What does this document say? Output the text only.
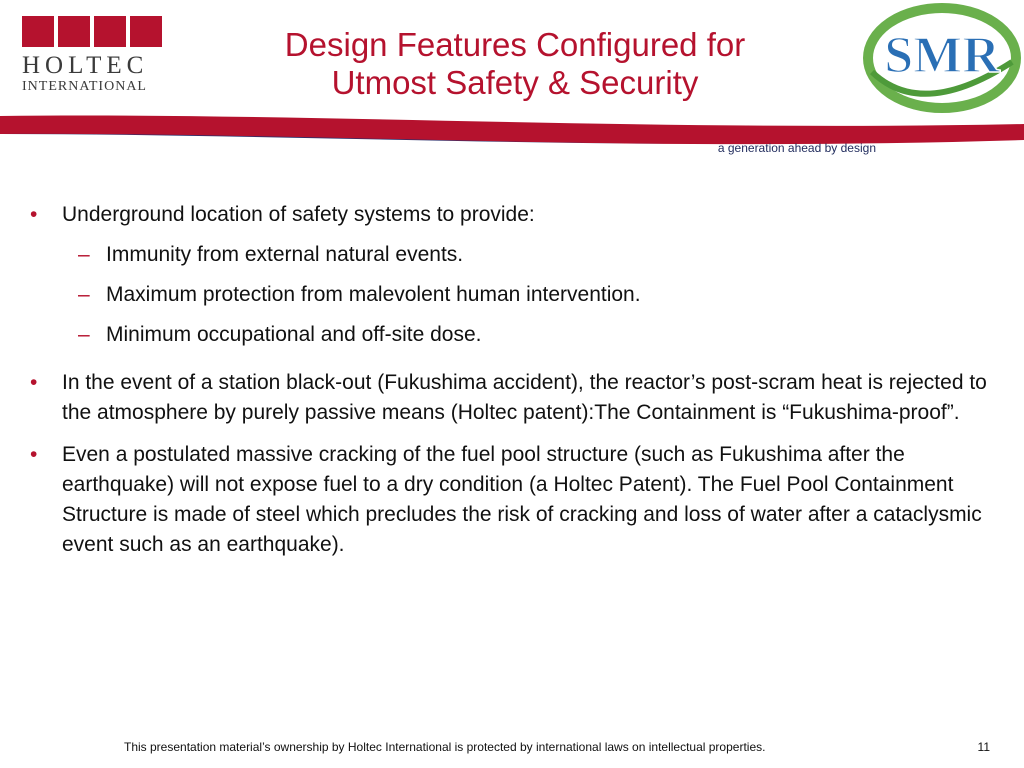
HOLTEC
INTERNATIONAL
Design Features Configured for
Utmost Safety & Security	SMR
a generation ahead by design
•	Underground location of safety systems to provide:
– Immunity from external natural events.
– Maximum protection from malevolent human intervention.
– Minimum occupational and off-site dose.
•	In the event of a station black-out (Fukushima accident), the reactor’s post-scram heat is rejected to the atmosphere by purely passive means (Holtec patent):The Containment is “Fukushima-proof”.
•	Even a postulated massive cracking of the fuel pool structure (such as Fukushima after the earthquake) will not expose fuel to a dry condition (a Holtec Patent). The Fuel Pool Containment Structure is made of steel which precludes the risk of cracking and loss of water after a cataclysmic event such as an earthquake).
This presentation material’s ownership by Holtec International is protected by international laws on intellectual properties.	11
